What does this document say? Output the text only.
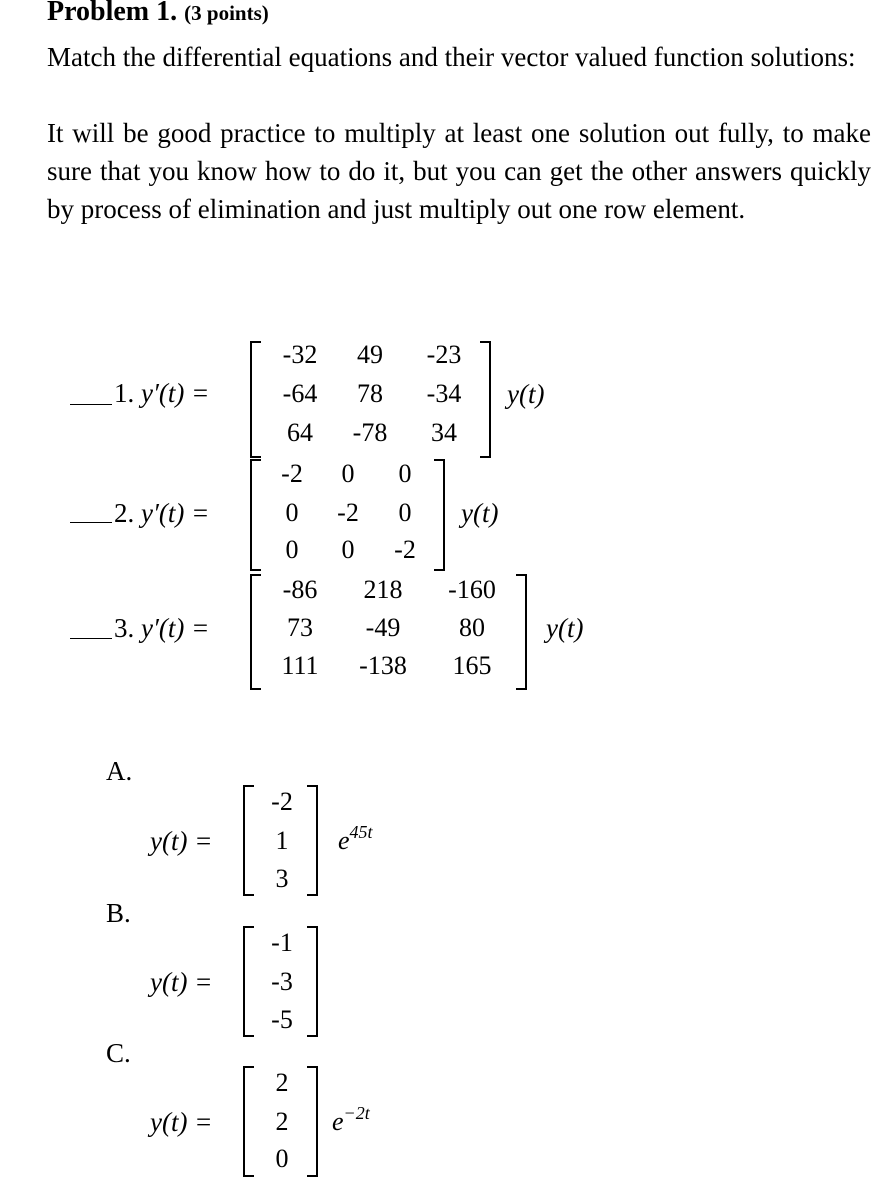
Problem 1. (3 points)
Match the differential equations and their vector valued function solutions:
It will be good practice to multiply at least one solution out fully, to make sure that you know how to do it, but you can get the other answers quickly by process of elimination and just multiply out one row element.
1. y′(t) =
-32	49	-23
-64	78	-34
64	-78	34
y(t)
2. y′(t) =
-2	0	0
0	-2	0
0	0	-2
y(t)
3. y′(t) =
-86	218	-160
73	-49	80
111	-138	165
y(t)
A.
y(t) =
-2
1
3
$e^{45t}$
B.
y(t) =
-1
-3
-5
C.
y(t) =
2
2
0
$e^{-2t}$
